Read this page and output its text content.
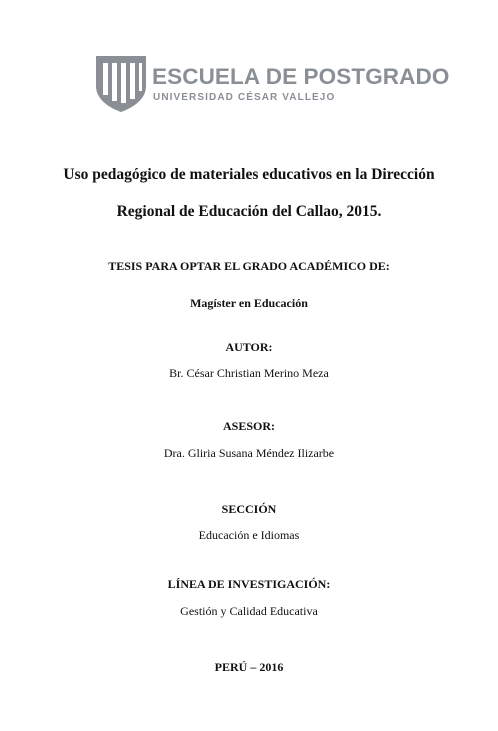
ESCUELA DE POSTGRADO
UNIVERSIDAD CÉSAR VALLEJO
Uso pedagógico de materiales educativos en la Dirección
Regional de Educación del Callao, 2015.
TESIS PARA OPTAR EL GRADO ACADÉMICO DE:
Magíster en Educación
AUTOR:
Br. César Christian Merino Meza
ASESOR:
Dra. Gliria Susana Méndez Ilizarbe
SECCIÓN
Educación e Idiomas
LÍNEA DE INVESTIGACIÓN:
Gestión y Calidad Educativa
PERÚ – 2016
